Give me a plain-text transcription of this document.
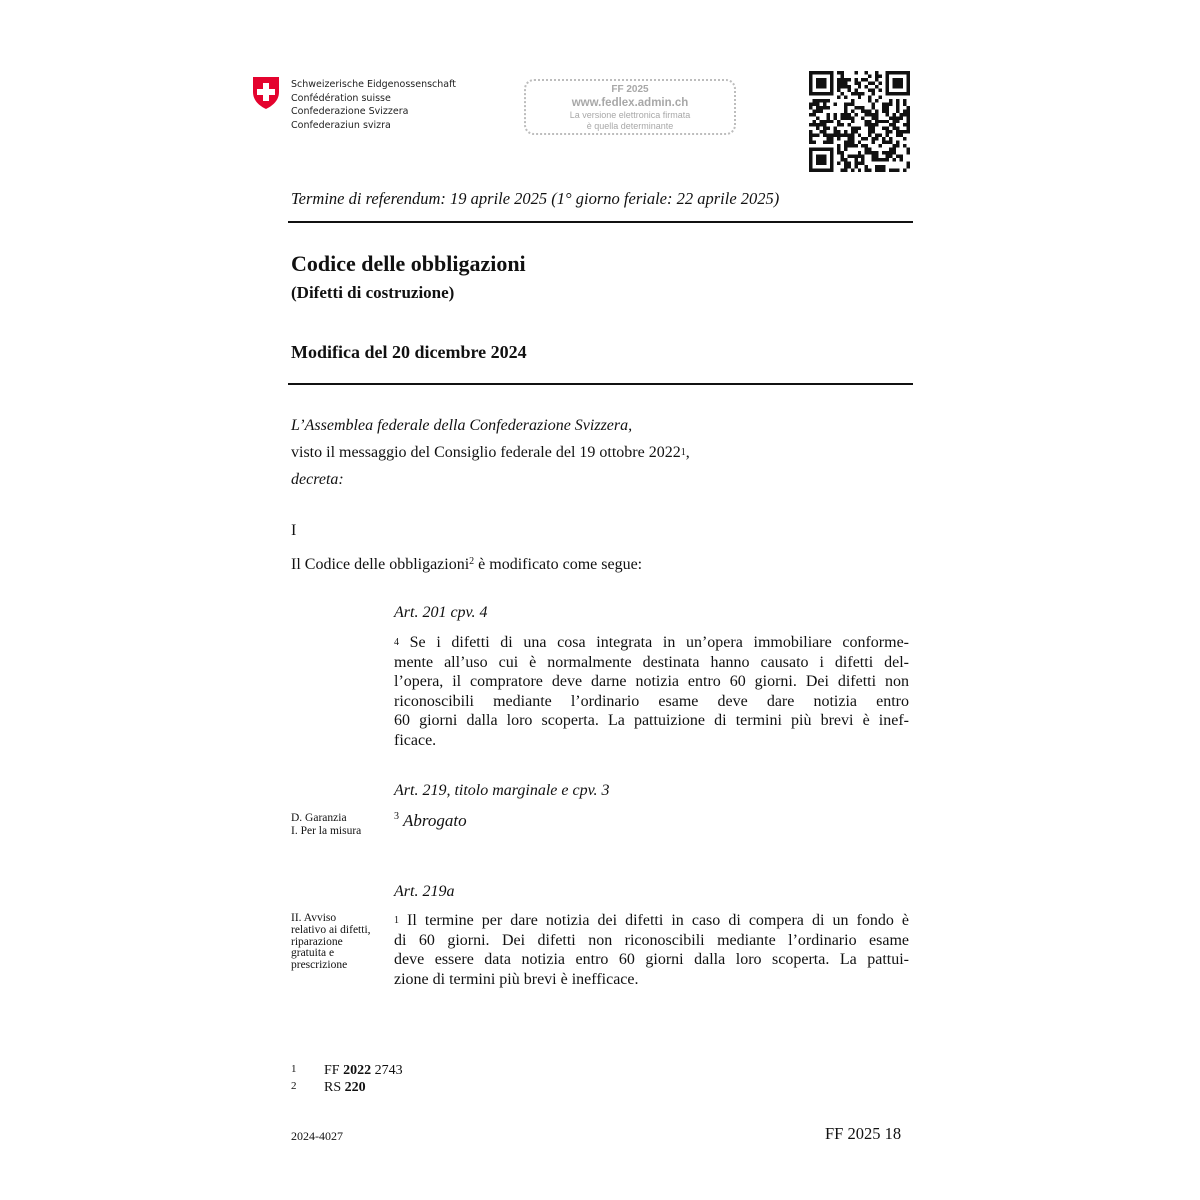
Schweizerische Eidgenossenschaft
Confédération suisse
Confederazione Svizzera
Confederaziun svizra
FF 2025
www.fedlex.admin.ch
La versione elettronica firmata
è quella determinante
Termine di referendum: 19 aprile 2025 (1° giorno feriale: 22 aprile 2025)
Codice delle obbligazioni
(Difetti di costruzione)
Modifica del 20 dicembre 2024
L’Assemblea federale della Confederazione Svizzera,
visto il messaggio del Consiglio federale del 19 ottobre 2022$^1$,
decreta:
I
Il Codice delle obbligazioni$^2$ è modificato come segue:
Art. 201 cpv. 4
$^4$ Se i difetti di una cosa integrata in un’opera immobiliare conforme-
mente all’uso cui è normalmente destinata hanno causato i difetti del-
l’opera, il compratore deve darne notizia entro 60 giorni. Dei difetti non
riconoscibili mediante l’ordinario esame deve dare notizia entro
60 giorni dalla loro scoperta. La pattuizione di termini più brevi è inef-
ficace.
Art. 219, titolo marginale e cpv. 3
D. Garanzia
I. Per la misura
$^3$ Abrogato
Art. 219a
II. Avviso
relativo ai difetti,
riparazione
gratuita e
prescrizione
$^1$ Il termine per dare notizia dei difetti in caso di compera di un fondo è
di 60 giorni. Dei difetti non riconoscibili mediante l’ordinario esame
deve essere data notizia entro 60 giorni dalla loro scoperta. La pattui-
zione di termini più brevi è inefficace.
1 FF 2022 2743
2 RS 220
2024-4027	FF 2025 18
